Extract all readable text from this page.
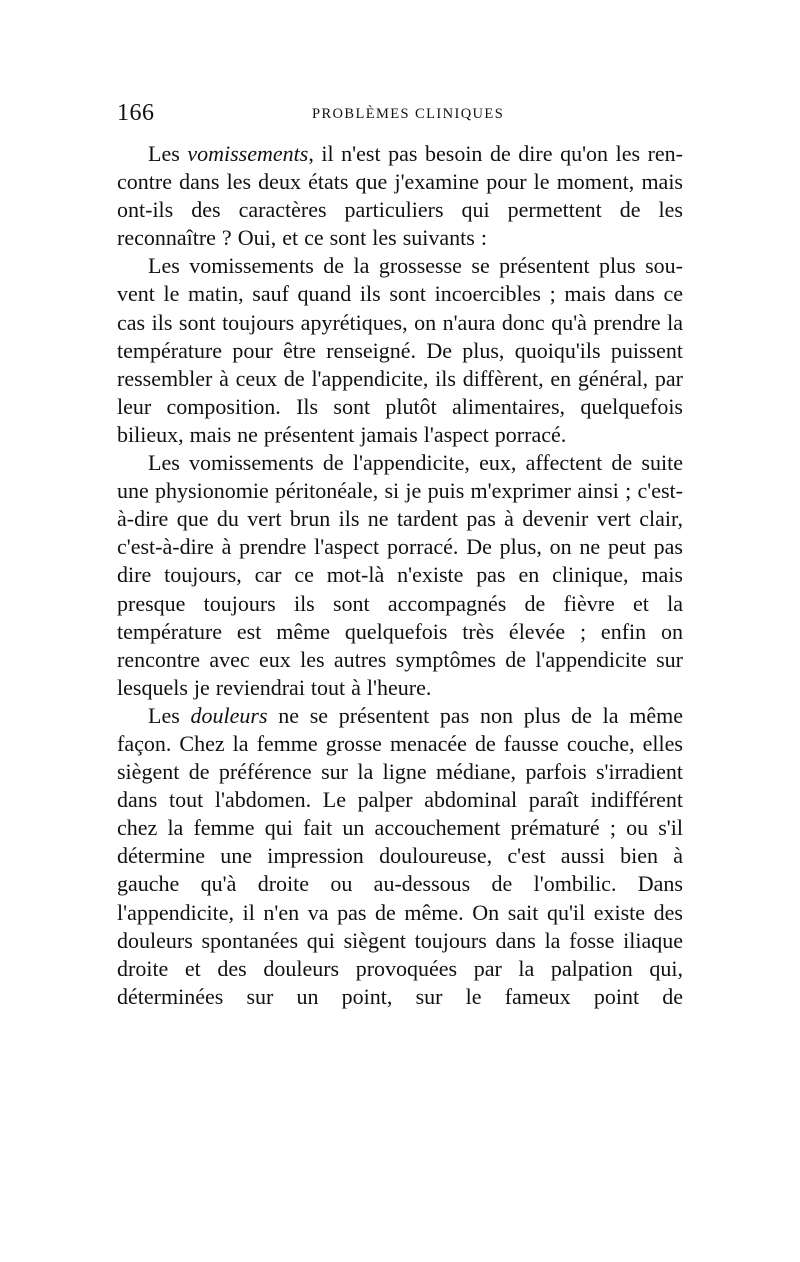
166	PROBLÈMES CLINIQUES

Les vomissements, il n'est pas besoin de dire qu'on les rencontre dans les deux états que j'examine pour le moment, mais ont-ils des caractères particuliers qui permettent de les reconnaître ? Oui, et ce sont les suivants :

Les vomissements de la grossesse se présentent plus souvent le matin, sauf quand ils sont incoercibles ; mais dans ce cas ils sont toujours apyrétiques, on n'aura donc qu'à prendre la température pour être renseigné. De plus, quoiqu'ils puissent ressembler à ceux de l'appendicite, ils diffèrent, en général, par leur composition. Ils sont plutôt alimentaires, quelquefois bilieux, mais ne présentent jamais l'aspect porracé.

Les vomissements de l'appendicite, eux, affectent de suite une physionomie péritonéale, si je puis m'exprimer ainsi ; c'est-à-dire que du vert brun ils ne tardent pas à devenir vert clair, c'est-à-dire à prendre l'aspect porracé. De plus, on ne peut pas dire toujours, car ce mot-là n'existe pas en clinique, mais presque toujours ils sont accompagnés de fièvre et la température est même quelquefois très élevée ; enfin on rencontre avec eux les autres symptômes de l'appendicite sur lesquels je reviendrai tout à l'heure.

Les douleurs ne se présentent pas non plus de la même façon. Chez la femme grosse menacée de fausse couche, elles siègent de préférence sur la ligne médiane, parfois s'irradient dans tout l'abdomen. Le palper abdominal paraît indifférent chez la femme qui fait un accouchement prématuré ; ou s'il détermine une impression douloureuse, c'est aussi bien à gauche qu'à droite ou au-dessous de l'ombilic. Dans l'appendicite, il n'en va pas de même. On sait qu'il existe des douleurs spontanées qui siègent toujours dans la fosse iliaque droite et des douleurs provoquées par la palpation qui, déterminées sur un point, sur le fameux point de
